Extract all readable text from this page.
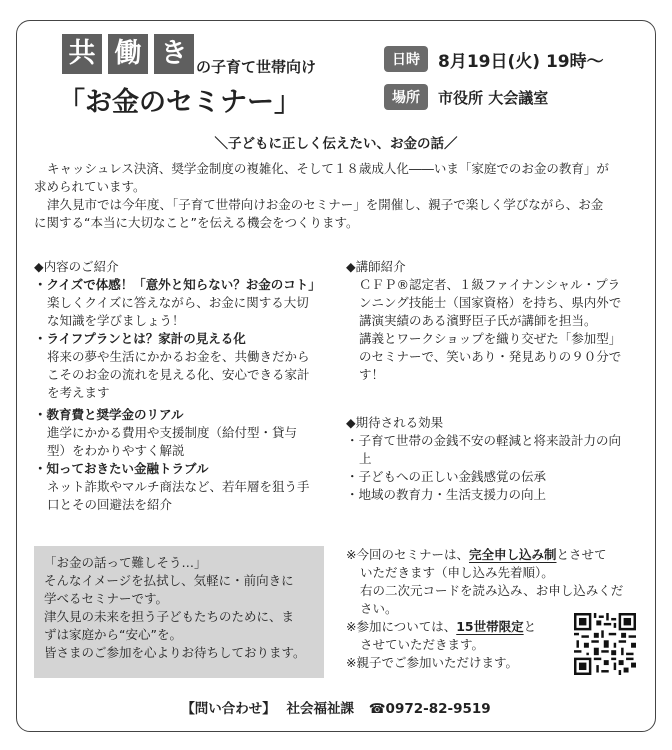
共 働 き の子育て世帯向け
「お金のセミナー」
日時	8月19日(火) 19時〜
場所	市役所 大会議室
＼子どもに正しく伝えたい、お金の話／
キャッシュレス決済、奨学金制度の複雑化、そして１８歳成人化――いま「家庭でのお金の教育」が
求められています。
津久見市では今年度、「子育て世帯向けお金のセミナー」を開催し、親子で楽しく学びながら、お金
に関する“本当に大切なこと”を伝える機会をつくります。
◆内容のご紹介
・クイズで体感！「意外と知らない？お金のコト」
楽しくクイズに答えながら、お金に関する大切
な知識を学びましょう！
・ライフプランとは？家計の見える化
将来の夢や生活にかかるお金を、共働きだから
こそのお金の流れを見える化、安心できる家計
を考えます
・教育費と奨学金のリアル
進学にかかる費用や支援制度（給付型・貸与
型）をわかりやすく解説
・知っておきたい金融トラブル
ネット詐欺やマルチ商法など、若年層を狙う手
口とその回避法を紹介
◆講師紹介
ＣＦＰ®認定者、１級ファイナンシャル・プラ
ンニング技能士（国家資格）を持ち、県内外で
講演実績のある濱野臣子氏が講師を担当。
講義とワークショップを織り交ぜた「参加型」
のセミナーで、笑いあり・発見ありの９０分で
す！
◆期待される効果
・子育て世帯の金銭不安の軽減と将来設計力の向
上
・子どもへの正しい金銭感覚の伝承
・地域の教育力・生活支援力の向上
「お金の話って難しそう…」
そんなイメージを払拭し、気軽に・前向きに
学べるセミナーです。
津久見の未来を担う子どもたちのために、ま
ずは家庭から“安心”を。
皆さまのご参加を心よりお待ちしております。
※今回のセミナーは、完全申し込み制とさせて
いただきます（申し込み先着順）。
右の二次元コードを読み込み、お申し込みくだ
さい。
※参加については、15世帯限定と
させていただきます。
※親子でご参加いただけます。
【問い合わせ】 社会福祉課 ☎0972-82-9519
